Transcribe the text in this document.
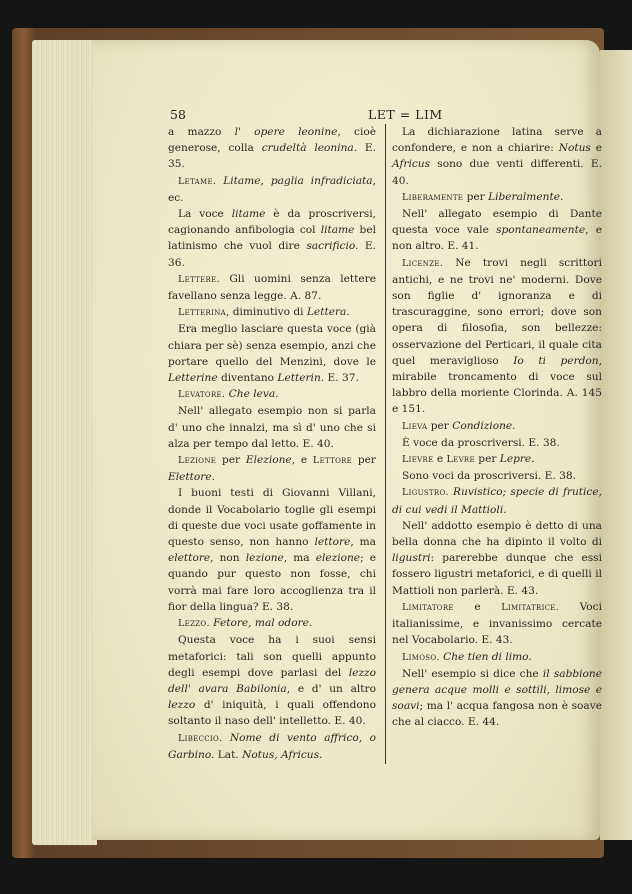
58	LET = LIM

a mazzo l' opere leonine, cioè generose, colla crudeltà leonina. E. 35.

Letame. Litame, paglia infradiciata, ec.

La voce litame è da proscriversi, cagionando anfibologia col litame bel latinismo che vuol dire sacrificio. E. 36.

Lettere. Gli uomini senza lettere favellano senza legge. A. 87.

Letterina, diminutivo di Lettera.

Era meglio lasciare questa voce (già chiara per sè) senza esempio, anzi che portare quello del Menzini, dove le Letterine diventano Letterin. E. 37.

Levatore. Che leva.

Nell' allegato esempio non si parla d' uno che innalzi, ma sì d' uno che si alza per tempo dal letto. E. 40.

Lezione per Elezione, e Lettore per Elettore.

I buoni testi di Giovanni Villani, donde il Vocabolario toglie gli esempi di queste due voci usate goffamente in questo senso, non hanno lettore, ma elettore, non lezione, ma elezione; e quando pur questo non fosse, chi vorrà mai fare loro accoglienza tra il fior della lingua? E. 38.

Lezzo. Fetore, mal odore.

Questa voce ha i suoi sensi metaforici: tali son quelli appunto degli esempi dove parlasi del lezzo dell' avara Babilonia, e d' un altro lezzo d' iniquità, i quali offendono soltanto il naso dell' intelletto. E. 40.

Libeccio. Nome di vento affrico, o Garbino. Lat. Notus, Africus.

La dichiarazione latina serve a confondere, e non a chiarire: Notus e Africus sono due venti differenti. E. 40.

Liberamente per Liberalmente.

Nell' allegato esempio di Dante questa voce vale spontaneamente, e non altro. E. 41.

Licenze. Ne trovi negli scrittori antichi, e ne trovi ne' moderni. Dove son figlie d' ignoranza e di trascuraggine, sono errori; dove son opera di filosofia, son bellezze: osservazione del Perticari, il quale cita quel meraviglioso Io ti perdon, mirabile troncamento di voce sul labbro della moriente Clorinda. A. 145 e 151.

Lieva per Condizione.

È voce da proscriversi. E. 38.

Lievre e Levre per Lepre.

Sono voci da proscriversi. E. 38.

Ligustro. Ruvistico; specie di frutice, di cui vedi il Mattioli.

Nell' addotto esempio è detto di una bella donna che ha dipinto il volto di ligustri: parerebbe dunque che essi fossero ligustri metaforici, e di quelli il Mattioli non parlerà. E. 43.

Limitatore e Limitatrice. Voci italianissime, e invanissimo cercate nel Vocabolario. E. 43.

Limoso. Che tien di limo.

Nell' esempio si dice che il sabbione genera acque molli e sottili, limose e soavi; ma l' acqua fangosa non è soave che al ciacco. E. 44.
